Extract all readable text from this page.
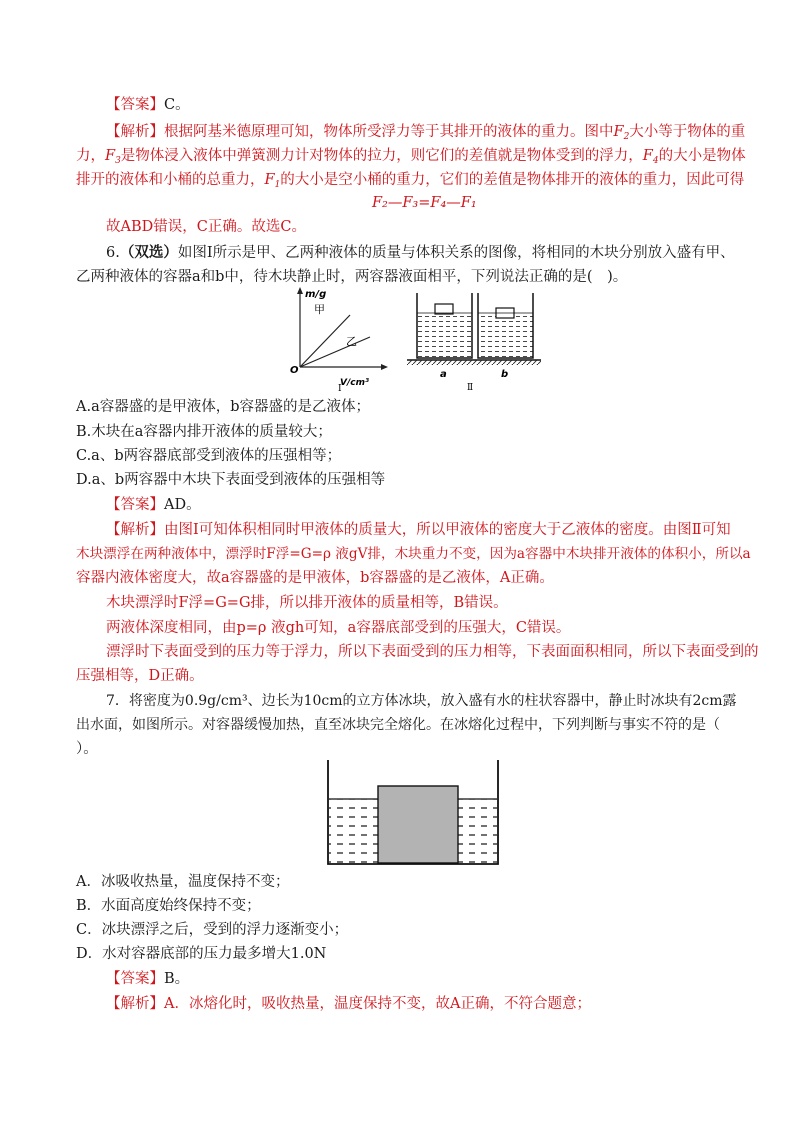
【答案】C。
【解析】根据阿基米德原理可知，物体所受浮力等于其排开的液体的重力。图中$F_2$大小等于物体的重
力，$F_3$是物体浸入液体中弹簧测力计对物体的拉力，则它们的差值就是物体受到的浮力，$F_4$的大小是物体
排开的液体和小桶的总重力，$F_1$的大小是空小桶的重力，它们的差值是物体排开的液体的重力，因此可得
F₂—F₃=F₄—F₁
故ABD错误，C正确。故选C。
6.（双选）如图Ⅰ所示是甲、乙两种液体的质量与体积关系的图像，将相同的木块分别放入盛有甲、
乙两种液体的容器a和b中，待木块静止时，两容器液面相平，下列说法正确的是(　)。
m/g
O
V/cm³
甲
乙
Ⅰ
a	b
Ⅱ
A.a容器盛的是甲液体，b容器盛的是乙液体；
B.木块在a容器内排开液体的质量较大；
C.a、b两容器底部受到液体的压强相等；
D.a、b两容器中木块下表面受到液体的压强相等
【答案】AD。
【解析】由图Ⅰ可知体积相同时甲液体的质量大，所以甲液体的密度大于乙液体的密度。由图Ⅱ可知
木块漂浮在两种液体中，漂浮时F浮=G=ρ 液gV排，木块重力不变，因为a容器中木块排开液体的体积小，所以a
容器内液体密度大，故a容器盛的是甲液体，b容器盛的是乙液体，A正确。
木块漂浮时F浮=G=G排，所以排开液体的质量相等，B错误。
两液体深度相同，由p=ρ 液gh可知，a容器底部受到的压强大，C错误。
漂浮时下表面受到的压力等于浮力，所以下表面受到的压力相等，下表面面积相同，所以下表面受到的
压强相等，D正确。
7．将密度为0.9g/cm³、边长为10cm的立方体冰块，放入盛有水的柱状容器中，静止时冰块有2cm露
出水面，如图所示。对容器缓慢加热，直至冰块完全熔化。在冰熔化过程中，下列判断与事实不符的是（
）。
A．冰吸收热量，温度保持不变；
B．水面高度始终保持不变；
C．冰块漂浮之后，受到的浮力逐渐变小；
D．水对容器底部的压力最多增大1.0N
【答案】B。
【解析】A．冰熔化时，吸收热量，温度保持不变，故A正确，不符合题意；
